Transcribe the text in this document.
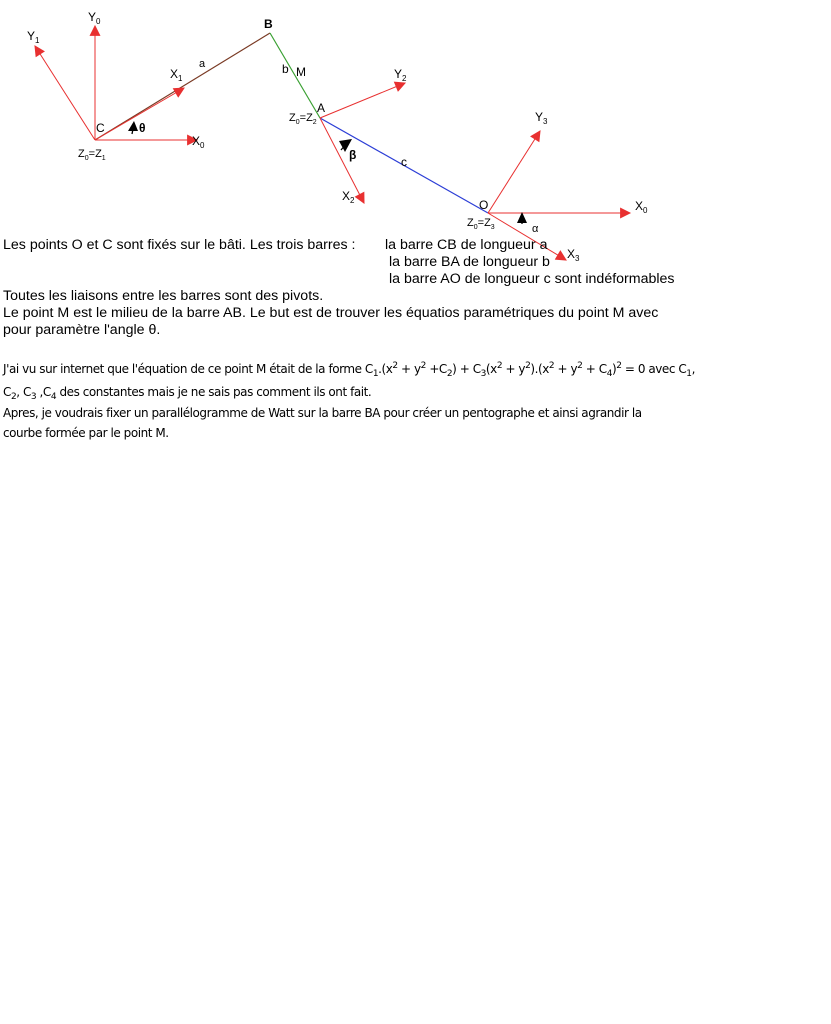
$Y_1$
$Y_0$
$X_1$
a
B
b M
C	θ
$X_0$
$Z_0=Z_1$
$Y_2$
A
$Z_0=Z_2$
β	c
$X_2$
$Y_3$
O	$X_0$
$Z_0=Z_3$	α
$X_3$
Les points O et C sont fixés sur le bâti. Les trois barres : la barre CB de longueur a
la barre BA de longueur b
la barre AO de longueur c sont indéformables
Toutes les liaisons entre les barres sont des pivots.
Le point M est le milieu de la barre AB. Le but est de trouver les équatios paramétriques du point M avec
pour paramètre l'angle θ.
J'ai vu sur internet que l'équation de ce point M était de la forme $C_1.(x^2 + y^2 +C_2) + C_3(x^2 + y^2).(x^2 + y^2 + C_4)^2 = 0$ avec $C_1$,
$C_2$, $C_3$ $,C_4$ des constantes mais je ne sais pas comment ils ont fait.
Apres, je voudrais fixer un parallélogramme de Watt sur la barre BA pour créer un pentographe et ainsi agrandir la
courbe formée par le point M.
